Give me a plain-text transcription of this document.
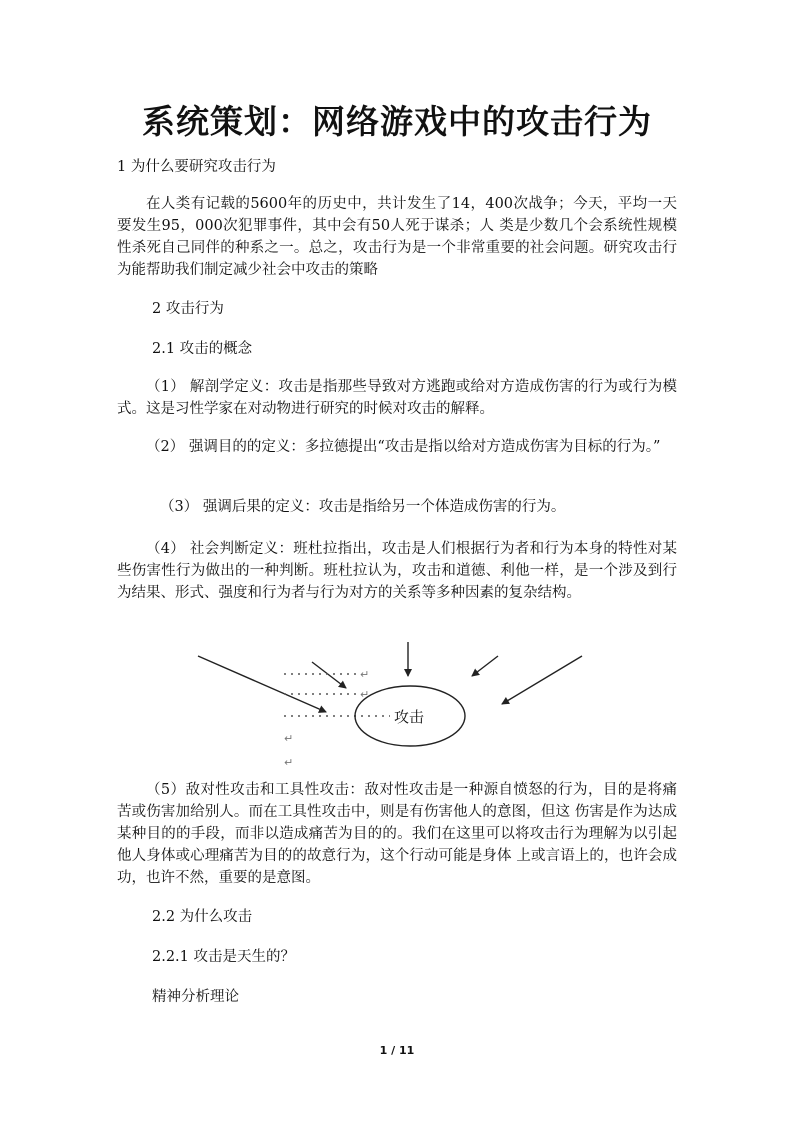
系统策划：网络游戏中的攻击行为
1 为什么要研究攻击行为
在人类有记载的5600年的历史中，共计发生了14，400次战争；今天，平均一天要发生95，000次犯罪事件，其中会有50人死于谋杀；人 类是少数几个会系统性规模性杀死自己同伴的种系之一。总之，攻击行为是一个非常重要的社会问题。研究攻击行为能帮助我们制定减少社会中攻击的策略
2 攻击行为
2.1 攻击的概念
（1） 解剖学定义：攻击是指那些导致对方逃跑或给对方造成伤害的行为或行为模式。这是习性学家在对动物进行研究的时候对攻击的解释。
（2） 强调目的的定义：多拉德提出“攻击是指以给对方造成伤害为目标的行为。”
（3） 强调后果的定义：攻击是指给另一个体造成伤害的行为。
（4） 社会判断定义：班杜拉指出，攻击是人们根据行为者和行为本身的特性对某些伤害性行为做出的一种判断。班杜拉认为，攻击和道德、利他一样，是一个涉及到行为结果、形式、强度和行为者与行为对方的关系等多种因素的复杂结构。
攻击
↵
↵
↵
↵
（5）敌对性攻击和工具性攻击：敌对性攻击是一种源自愤怒的行为，目的是将痛苦或伤害加给别人。而在工具性攻击中，则是有伤害他人的意图，但这 伤害是作为达成某种目的的手段，而非以造成痛苦为目的的。我们在这里可以将攻击行为理解为以引起他人身体或心理痛苦为目的的故意行为，这个行动可能是身体 上或言语上的，也许会成功，也许不然，重要的是意图。
2.2 为什么攻击
2.2.1 攻击是天生的？
精神分析理论
1 / 11
